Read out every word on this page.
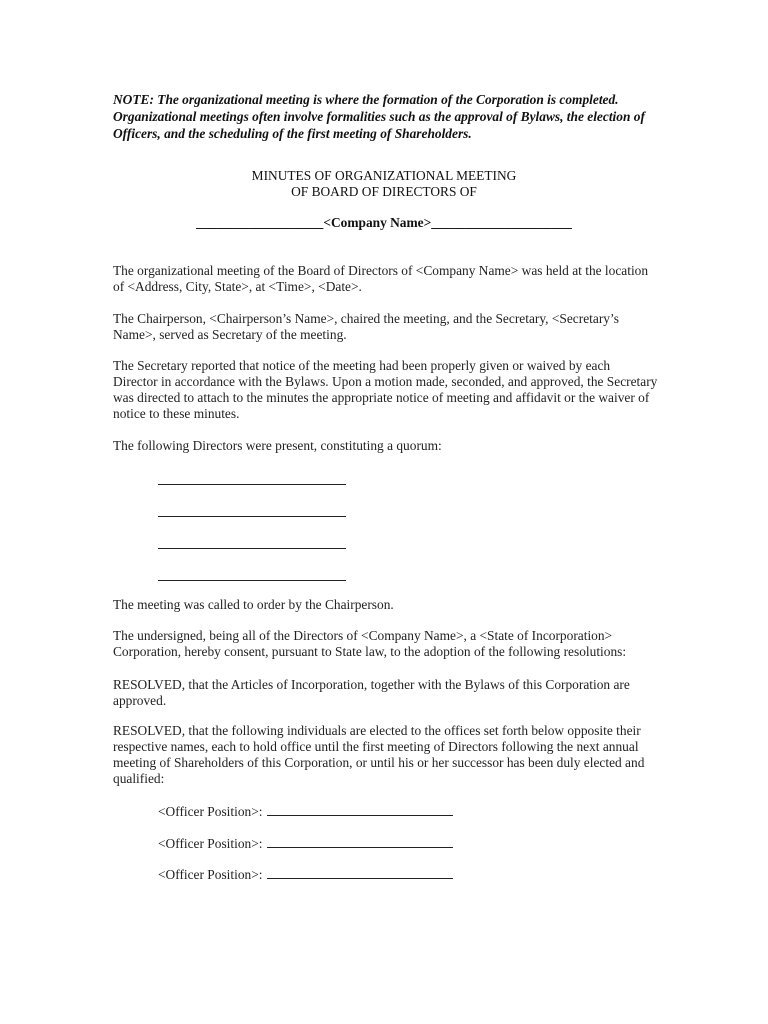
NOTE: The organizational meeting is where the formation of the Corporation is completed. Organizational meetings often involve formalities such as the approval of Bylaws, the election of Officers, and the scheduling of the first meeting of Shareholders.
MINUTES OF ORGANIZATIONAL MEETING
OF BOARD OF DIRECTORS OF
___________________<Company Name>_____________________
The organizational meeting of the Board of Directors of <Company Name> was held at the location of <Address, City, State>, at <Time>, <Date>.
The Chairperson, <Chairperson’s Name>, chaired the meeting, and the Secretary, <Secretary’s Name>, served as Secretary of the meeting.
The Secretary reported that notice of the meeting had been properly given or waived by each Director in accordance with the Bylaws. Upon a motion made, seconded, and approved, the Secretary was directed to attach to the minutes the appropriate notice of meeting and affidavit or the waiver of notice to these minutes.
The following Directors were present, constituting a quorum:
The meeting was called to order by the Chairperson.
The undersigned, being all of the Directors of <Company Name>, a <State of Incorporation> Corporation, hereby consent, pursuant to State law, to the adoption of the following resolutions:
RESOLVED, that the Articles of Incorporation, together with the Bylaws of this Corporation are approved.
RESOLVED, that the following individuals are elected to the offices set forth below opposite their respective names, each to hold office until the first meeting of Directors following the next annual meeting of Shareholders of this Corporation, or until his or her successor has been duly elected and qualified:
<Officer Position>:
<Officer Position>:
<Officer Position>:
